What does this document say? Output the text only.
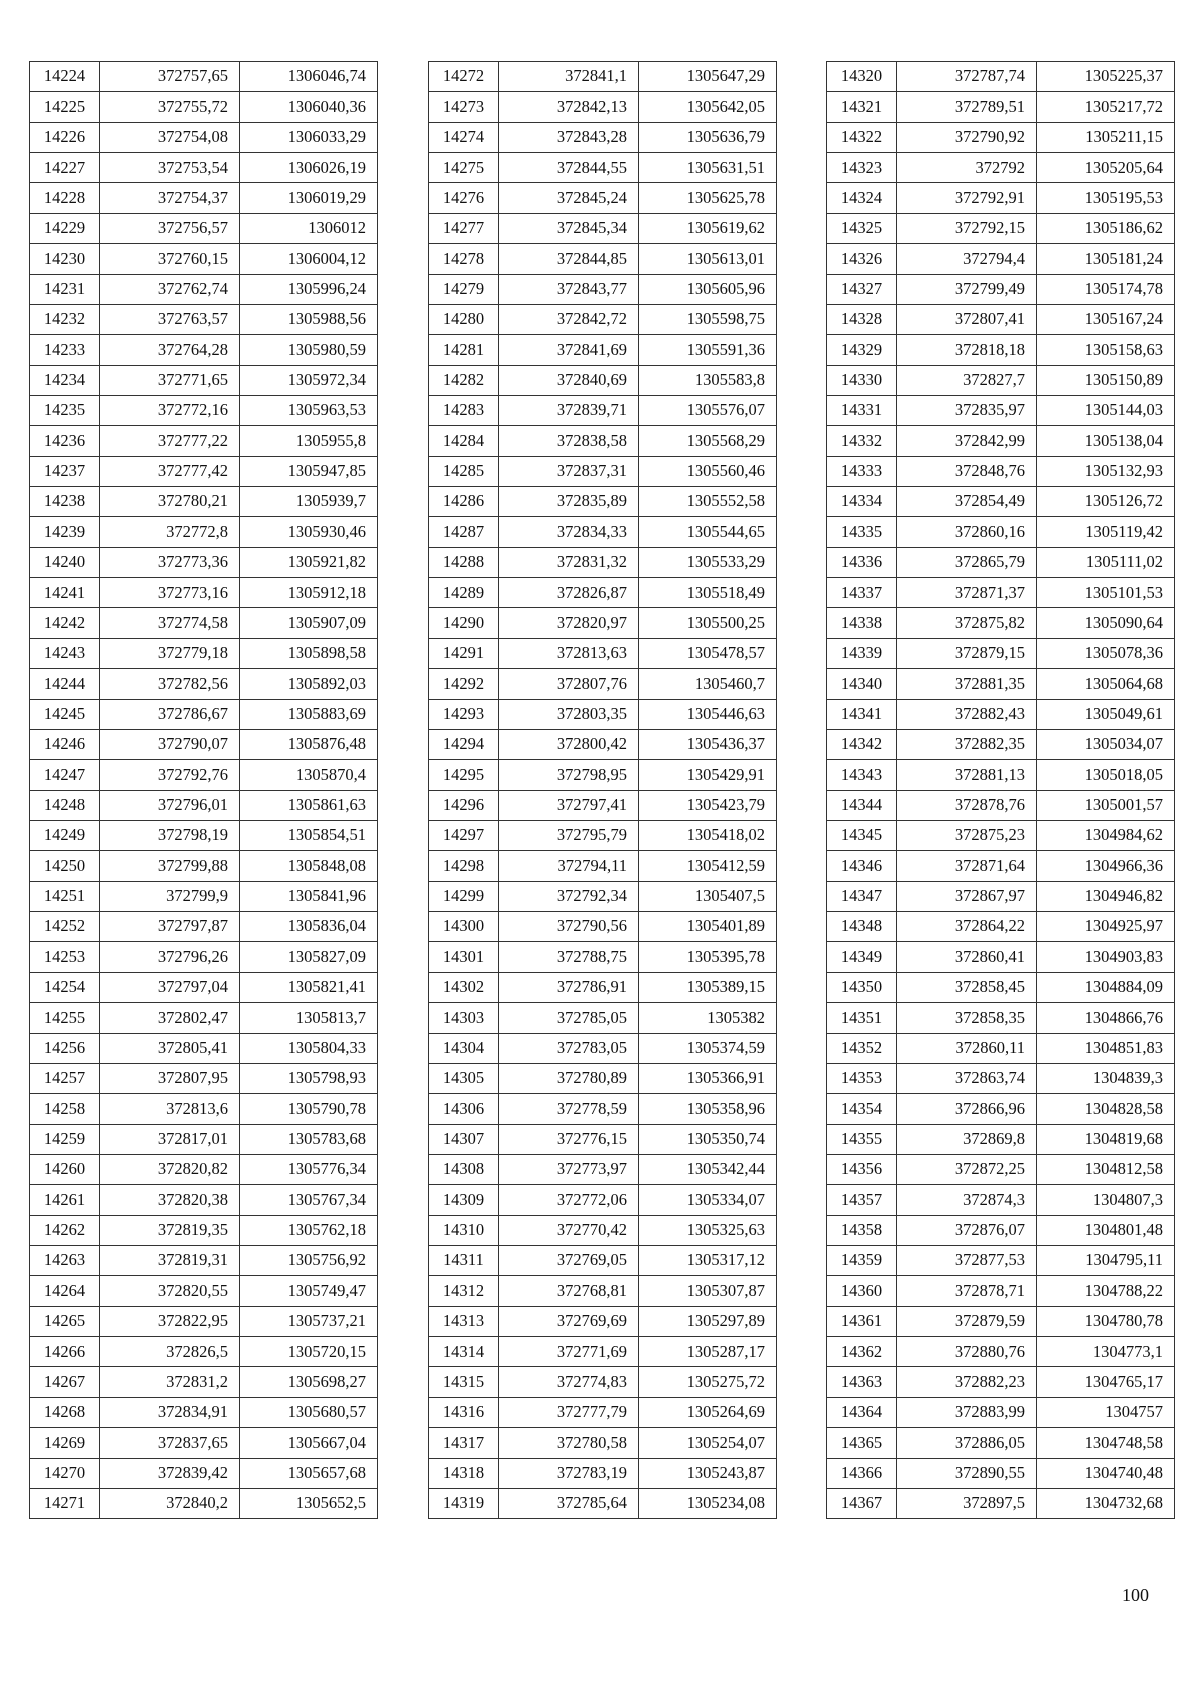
14224	372757,65	1306046,74
14225	372755,72	1306040,36
14226	372754,08	1306033,29
14227	372753,54	1306026,19
14228	372754,37	1306019,29
14229	372756,57	1306012
14230	372760,15	1306004,12
14231	372762,74	1305996,24
14232	372763,57	1305988,56
14233	372764,28	1305980,59
14234	372771,65	1305972,34
14235	372772,16	1305963,53
14236	372777,22	1305955,8
14237	372777,42	1305947,85
14238	372780,21	1305939,7
14239	372772,8	1305930,46
14240	372773,36	1305921,82
14241	372773,16	1305912,18
14242	372774,58	1305907,09
14243	372779,18	1305898,58
14244	372782,56	1305892,03
14245	372786,67	1305883,69
14246	372790,07	1305876,48
14247	372792,76	1305870,4
14248	372796,01	1305861,63
14249	372798,19	1305854,51
14250	372799,88	1305848,08
14251	372799,9	1305841,96
14252	372797,87	1305836,04
14253	372796,26	1305827,09
14254	372797,04	1305821,41
14255	372802,47	1305813,7
14256	372805,41	1305804,33
14257	372807,95	1305798,93
14258	372813,6	1305790,78
14259	372817,01	1305783,68
14260	372820,82	1305776,34
14261	372820,38	1305767,34
14262	372819,35	1305762,18
14263	372819,31	1305756,92
14264	372820,55	1305749,47
14265	372822,95	1305737,21
14266	372826,5	1305720,15
14267	372831,2	1305698,27
14268	372834,91	1305680,57
14269	372837,65	1305667,04
14270	372839,42	1305657,68
14271	372840,2	1305652,5
14272	372841,1	1305647,29
14273	372842,13	1305642,05
14274	372843,28	1305636,79
14275	372844,55	1305631,51
14276	372845,24	1305625,78
14277	372845,34	1305619,62
14278	372844,85	1305613,01
14279	372843,77	1305605,96
14280	372842,72	1305598,75
14281	372841,69	1305591,36
14282	372840,69	1305583,8
14283	372839,71	1305576,07
14284	372838,58	1305568,29
14285	372837,31	1305560,46
14286	372835,89	1305552,58
14287	372834,33	1305544,65
14288	372831,32	1305533,29
14289	372826,87	1305518,49
14290	372820,97	1305500,25
14291	372813,63	1305478,57
14292	372807,76	1305460,7
14293	372803,35	1305446,63
14294	372800,42	1305436,37
14295	372798,95	1305429,91
14296	372797,41	1305423,79
14297	372795,79	1305418,02
14298	372794,11	1305412,59
14299	372792,34	1305407,5
14300	372790,56	1305401,89
14301	372788,75	1305395,78
14302	372786,91	1305389,15
14303	372785,05	1305382
14304	372783,05	1305374,59
14305	372780,89	1305366,91
14306	372778,59	1305358,96
14307	372776,15	1305350,74
14308	372773,97	1305342,44
14309	372772,06	1305334,07
14310	372770,42	1305325,63
14311	372769,05	1305317,12
14312	372768,81	1305307,87
14313	372769,69	1305297,89
14314	372771,69	1305287,17
14315	372774,83	1305275,72
14316	372777,79	1305264,69
14317	372780,58	1305254,07
14318	372783,19	1305243,87
14319	372785,64	1305234,08
14320	372787,74	1305225,37
14321	372789,51	1305217,72
14322	372790,92	1305211,15
14323	372792	1305205,64
14324	372792,91	1305195,53
14325	372792,15	1305186,62
14326	372794,4	1305181,24
14327	372799,49	1305174,78
14328	372807,41	1305167,24
14329	372818,18	1305158,63
14330	372827,7	1305150,89
14331	372835,97	1305144,03
14332	372842,99	1305138,04
14333	372848,76	1305132,93
14334	372854,49	1305126,72
14335	372860,16	1305119,42
14336	372865,79	1305111,02
14337	372871,37	1305101,53
14338	372875,82	1305090,64
14339	372879,15	1305078,36
14340	372881,35	1305064,68
14341	372882,43	1305049,61
14342	372882,35	1305034,07
14343	372881,13	1305018,05
14344	372878,76	1305001,57
14345	372875,23	1304984,62
14346	372871,64	1304966,36
14347	372867,97	1304946,82
14348	372864,22	1304925,97
14349	372860,41	1304903,83
14350	372858,45	1304884,09
14351	372858,35	1304866,76
14352	372860,11	1304851,83
14353	372863,74	1304839,3
14354	372866,96	1304828,58
14355	372869,8	1304819,68
14356	372872,25	1304812,58
14357	372874,3	1304807,3
14358	372876,07	1304801,48
14359	372877,53	1304795,11
14360	372878,71	1304788,22
14361	372879,59	1304780,78
14362	372880,76	1304773,1
14363	372882,23	1304765,17
14364	372883,99	1304757
14365	372886,05	1304748,58
14366	372890,55	1304740,48
14367	372897,5	1304732,68
100
